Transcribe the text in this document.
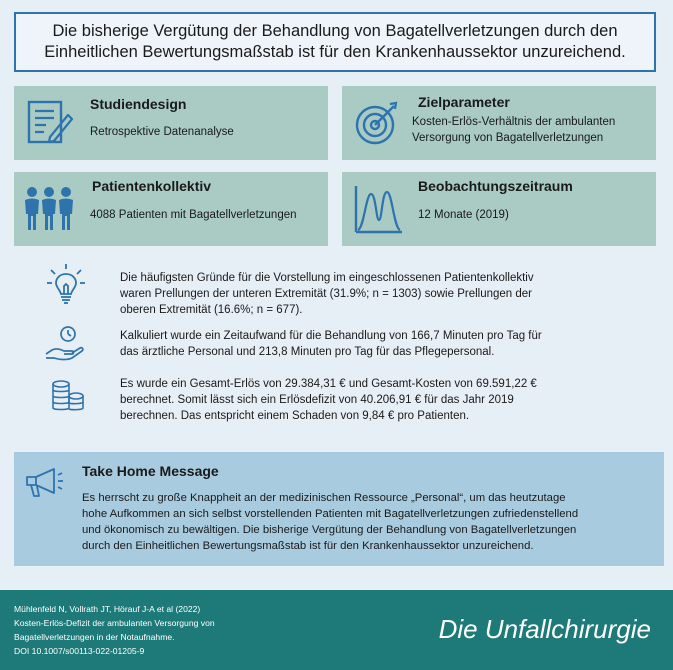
Die bisherige Vergütung der Behandlung von Bagatellverletzungen durch den
Einheitlichen Bewertungsmaßstab ist für den Krankenhaussektor unzureichend.
Studiendesign
Retrospektive Datenanalyse
Zielparameter
Kosten-Erlös-Verhältnis der ambulanten
Versorgung von Bagatellverletzungen
Patientenkollektiv
4088 Patienten mit Bagatellverletzungen
Beobachtungszeitraum
12 Monate (2019)
Die häufigsten Gründe für die Vorstellung im eingeschlossenen Patientenkollektiv
waren Prellungen der unteren Extremität (31.9%; n = 1303) sowie Prellungen der
oberen Extremität (16.6%; n = 677).
Kalkuliert wurde ein Zeitaufwand für die Behandlung von 166,7 Minuten pro Tag für
das ärztliche Personal und 213,8 Minuten pro Tag für das Pflegepersonal.
Es wurde ein Gesamt-Erlös von 29.384,31 € und Gesamt-Kosten von 69.591,22 €
berechnet. Somit lässt sich ein Erlösdefizit von 40.206,91 € für das Jahr 2019
berechnen. Das entspricht einem Schaden von 9,84 € pro Patienten.
Take Home Message
Es herrscht zu große Knappheit an der medizinischen Ressource „Personal“, um das heutzutage
hohe Aufkommen an sich selbst vorstellenden Patienten mit Bagatellverletzungen zufriedenstellend
und ökonomisch zu bewältigen. Die bisherige Vergütung der Behandlung von Bagatellverletzungen
durch den Einheitlichen Bewertungsmaßstab ist für den Krankenhaussektor unzureichend.
Mühlenfeld N, Vollrath JT, Hörauf J-A et al (2022)
Kosten-Erlös-Defizit der ambulanten Versorgung von
Bagatellverletzungen in der Notaufnahme.
DOI 10.1007/s00113-022-01205-9
Die Unfallchirurgie
